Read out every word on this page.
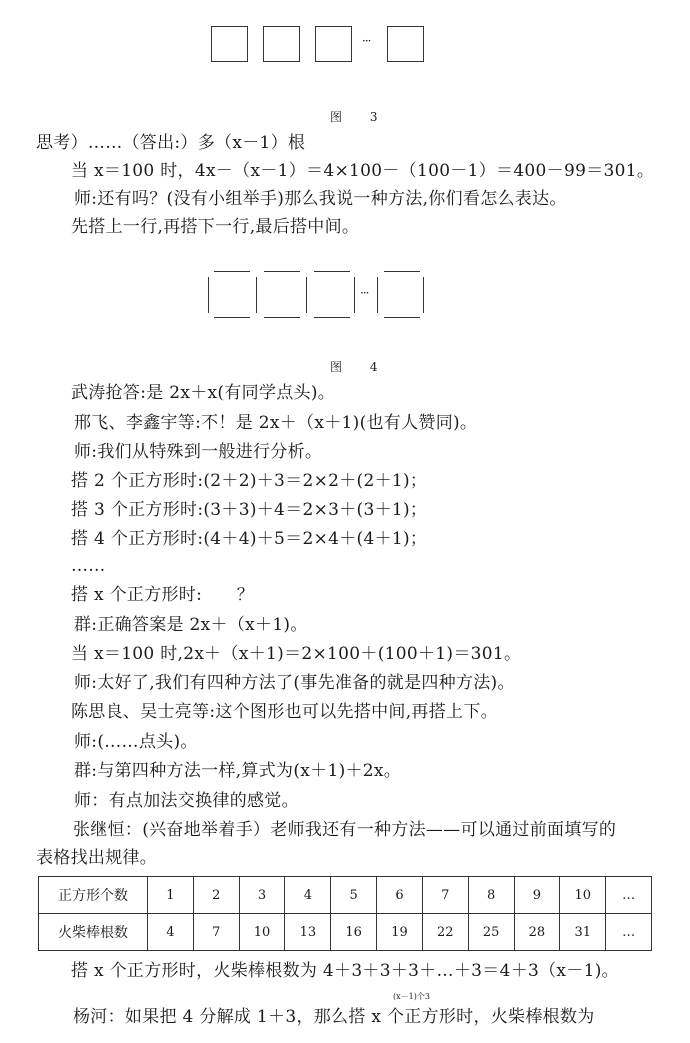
···
图 3
思考）……（答出:）多（x－1）根
当 x＝100 时，4x－（x－1）＝4×100－（100－1）＝400－99＝301。
师:还有吗？(没有小组举手)那么我说一种方法,你们看怎么表达。
先搭上一行,再搭下一行,最后搭中间。
···
图 4
武涛抢答:是 2x＋x(有同学点头)。
邢飞、李鑫宇等:不！是 2x＋（x＋1)(也有人赞同)。
师:我们从特殊到一般进行分析。
搭 2 个正方形时:(2＋2)＋3＝2×2＋(2＋1)；
搭 3 个正方形时:(3＋3)＋4＝2×3＋(3＋1)；
搭 4 个正方形时:(4＋4)＋5＝2×4＋(4＋1)；
……
搭 x 个正方形时:　　？
群:正确答案是 2x＋（x＋1)。
当 x＝100 时,2x＋（x＋1)＝2×100＋(100＋1)＝301。
师:太好了,我们有四种方法了(事先准备的就是四种方法)。
陈思良、吴士亮等:这个图形也可以先搭中间,再搭上下。
师:(……点头)。
群:与第四种方法一样,算式为(x＋1)＋2x。
师：有点加法交换律的感觉。
张继恒：(兴奋地举着手）老师我还有一种方法——可以通过前面填写的
表格找出规律。
正方形个数	1	2	3	4	5	6	7	8	9	10	…
火柴棒根数	4	7	10	13	16	19	22	25	28	31	…
搭 x 个正方形时，火柴棒根数为 4＋3＋3＋3＋…＋3＝4＋3（x－1)。
(x－1)个3
杨河：如果把 4 分解成 1＋3，那么搭 x 个正方形时，火柴棒根数为
